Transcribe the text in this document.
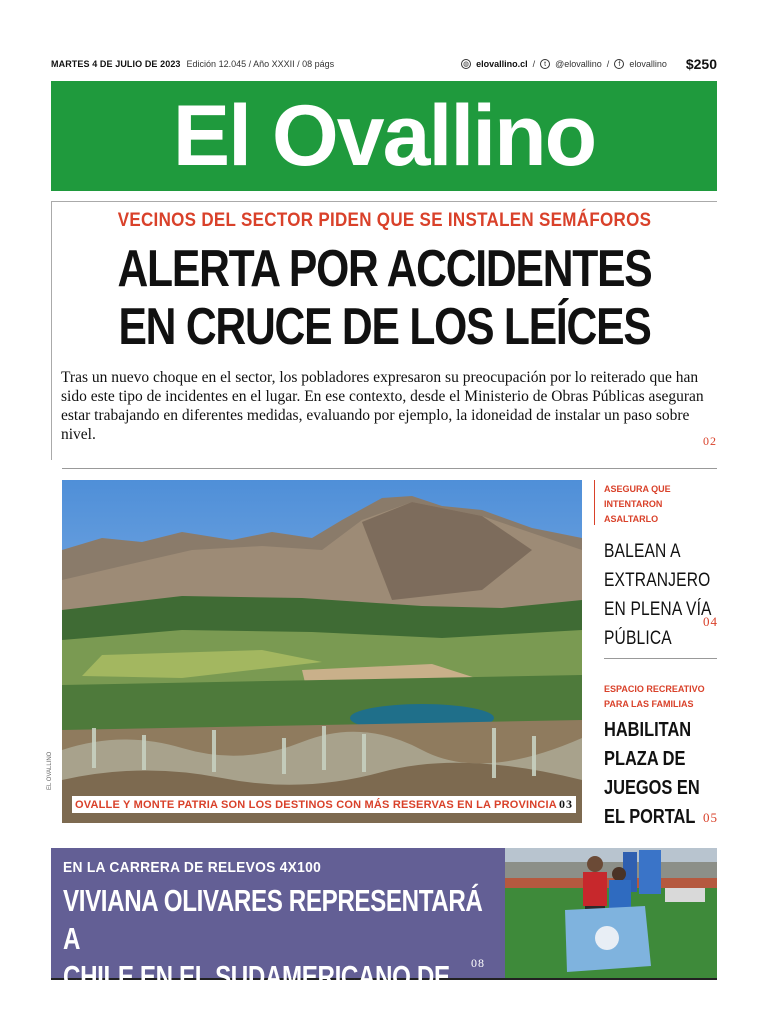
MARTES 4 DE JULIO DE 2023 Edición 12.045 / Año XXXII / 08 págs	◍ elovallino.cl /	t	@elovallino /	f	elovallino $250
El Ovallino
VECINOS DEL SECTOR PIDEN QUE SE INSTALEN SEMÁFOROS
ALERTA POR ACCIDENTES
EN CRUCE DE LOS LEÍCES
Tras un nuevo choque en el sector, los pobladores expresaron su preocupación por lo reiterado que han sido este tipo de incidentes en el lugar. En ese contexto, desde el Ministerio de Obras Públicas aseguran estar trabajando en diferentes medidas, evaluando por ejemplo, la idoneidad de instalar un paso sobre nivel.	02
OVALLE Y MONTE PATRIA SON LOS DESTINOS CON MÁS RESERVAS EN LA PROVINCIA 03
EL OVALLINO
ASEGURA QUE
INTENTARON ASALTARLO
BALEAN A
EXTRANJERO
EN PLENA VÍA
PÚBLICA
04
ESPACIO RECREATIVO
PARA LAS FAMILIAS
HABILITAN
PLAZA DE
JUEGOS EN
EL PORTAL 05
EN LA CARRERA DE RELEVOS 4X100
VIVIANA OLIVARES REPRESENTARÁ A
CHILE EN EL SUDAMERICANO DE BRASIL
08
